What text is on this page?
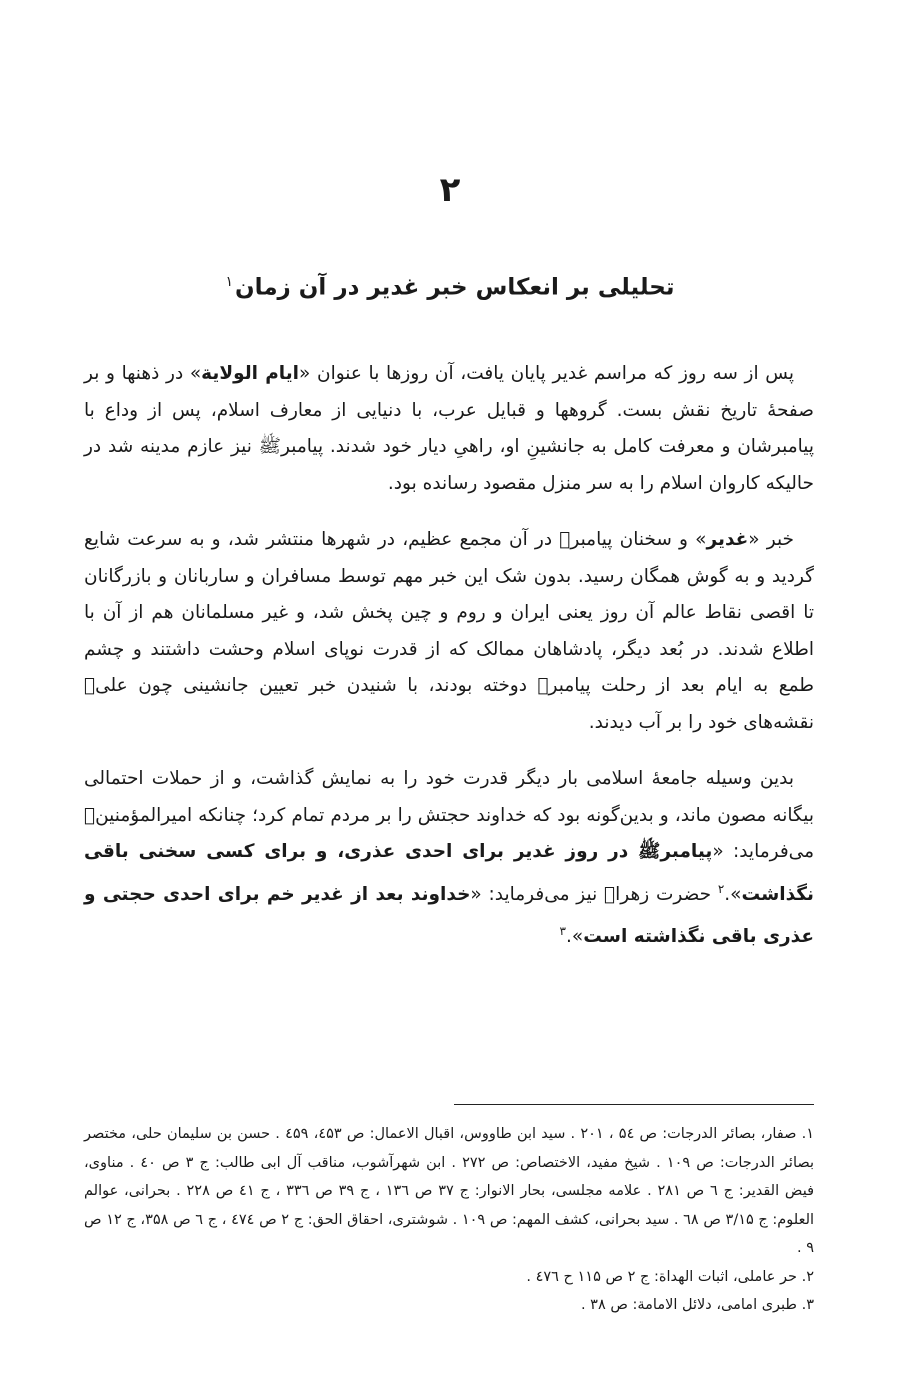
۲
تحلیلی بر انعکاس خبر غدیر در آن زمان$^۱$

پس از سه روز که مراسم غدیر پایان یافت، آن روزها با عنوان «ایام الولایة» در ذهنها و بر صفحهٔ تاریخ نقش بست. گروهها و قبایل عرب، با دنیایی از معارف اسلام، پس از وداع با پیامبرشان و معرفت کامل به جانشینِ او، راهیِ دیار خود شدند. پیامبرﷺ نیز عازم مدینه شد در حالیکه کاروان اسلام را به سر منزل مقصود رسانده بود.

خبر «غدیر» و سخنان پیامبرﷺ در آن مجمع عظیم، در شهرها منتشر شد، و به سرعت شایع گردید و به گوش همگان رسید. بدون شک این خبر مهم توسط مسافران و ساربانان و بازرگانان تا اقصی نقاط عالم آن روز یعنی ایران و روم و چین پخش شد، و غیر مسلمانان هم از آن با اطلاع شدند. در بُعد دیگر، پادشاهان ممالک که از قدرت نوپای اسلام وحشت داشتند و چشم طمع به ایام بعد از رحلت پیامبرﷺ دوخته بودند، با شنیدن خبر تعیین جانشینی چون علیؑ نقشه‌های خود را بر آب دیدند.

بدین وسیله جامعهٔ اسلامی بار دیگر قدرت خود را به نمایش گذاشت، و از حملات احتمالی بیگانه مصون ماند، و بدین‌گونه بود که خداوند حجتش را بر مردم تمام کرد؛ چنانکه امیرالمؤمنینؑ می‌فرماید: «پیامبرﷺ در روز غدیر برای احدی عذری، و برای کسی سخنی باقی نگذاشت».$^۲$ حضرت زهراؑ نیز می‌فرماید: «خداوند بعد از غدیر خم برای احدی حجتی و عذری باقی نگذاشته است».$^۳$

۱. صفار، بصائر الدرجات: ص ۵٤ ، ۲۰۱ . سید ابن طاووس، اقبال الاعمال: ص ٤۵۳، ٤۵۹ . حسن بن سلیمان حلی، مختصر بصائر الدرجات: ص ۱۰۹ . شیخ مفید، الاختصاص: ص ۲۷۲ . ابن شهرآشوب، مناقب آل ابی طالب: ج ۳ ص ٤۰ . مناوی، فیض القدیر: ج ٦ ص ۲۸۱ . علامه مجلسی، بحار الانوار: ج ۳۷ ص ۱۳٦ ، ج ۳۹ ص ۳۳٦ ، ج ٤۱ ص ۲۲۸ . بحرانی، عوالم العلوم: ج ۳/۱۵ ص ٦۸ . سید بحرانی، کشف المهم: ص ۱۰۹ . شوشتری، احقاق الحق: ج ۲ ص ٤۷٤ ، ج ٦ ص ۳۵۸، ج ۱۲ ص ۹ .

۲. حر عاملی، اثبات الهداة: ج ۲ ص ۱۱۵ ح ٤۷٦ .

۳. طبری امامی، دلائل الامامة: ص ۳۸ .
